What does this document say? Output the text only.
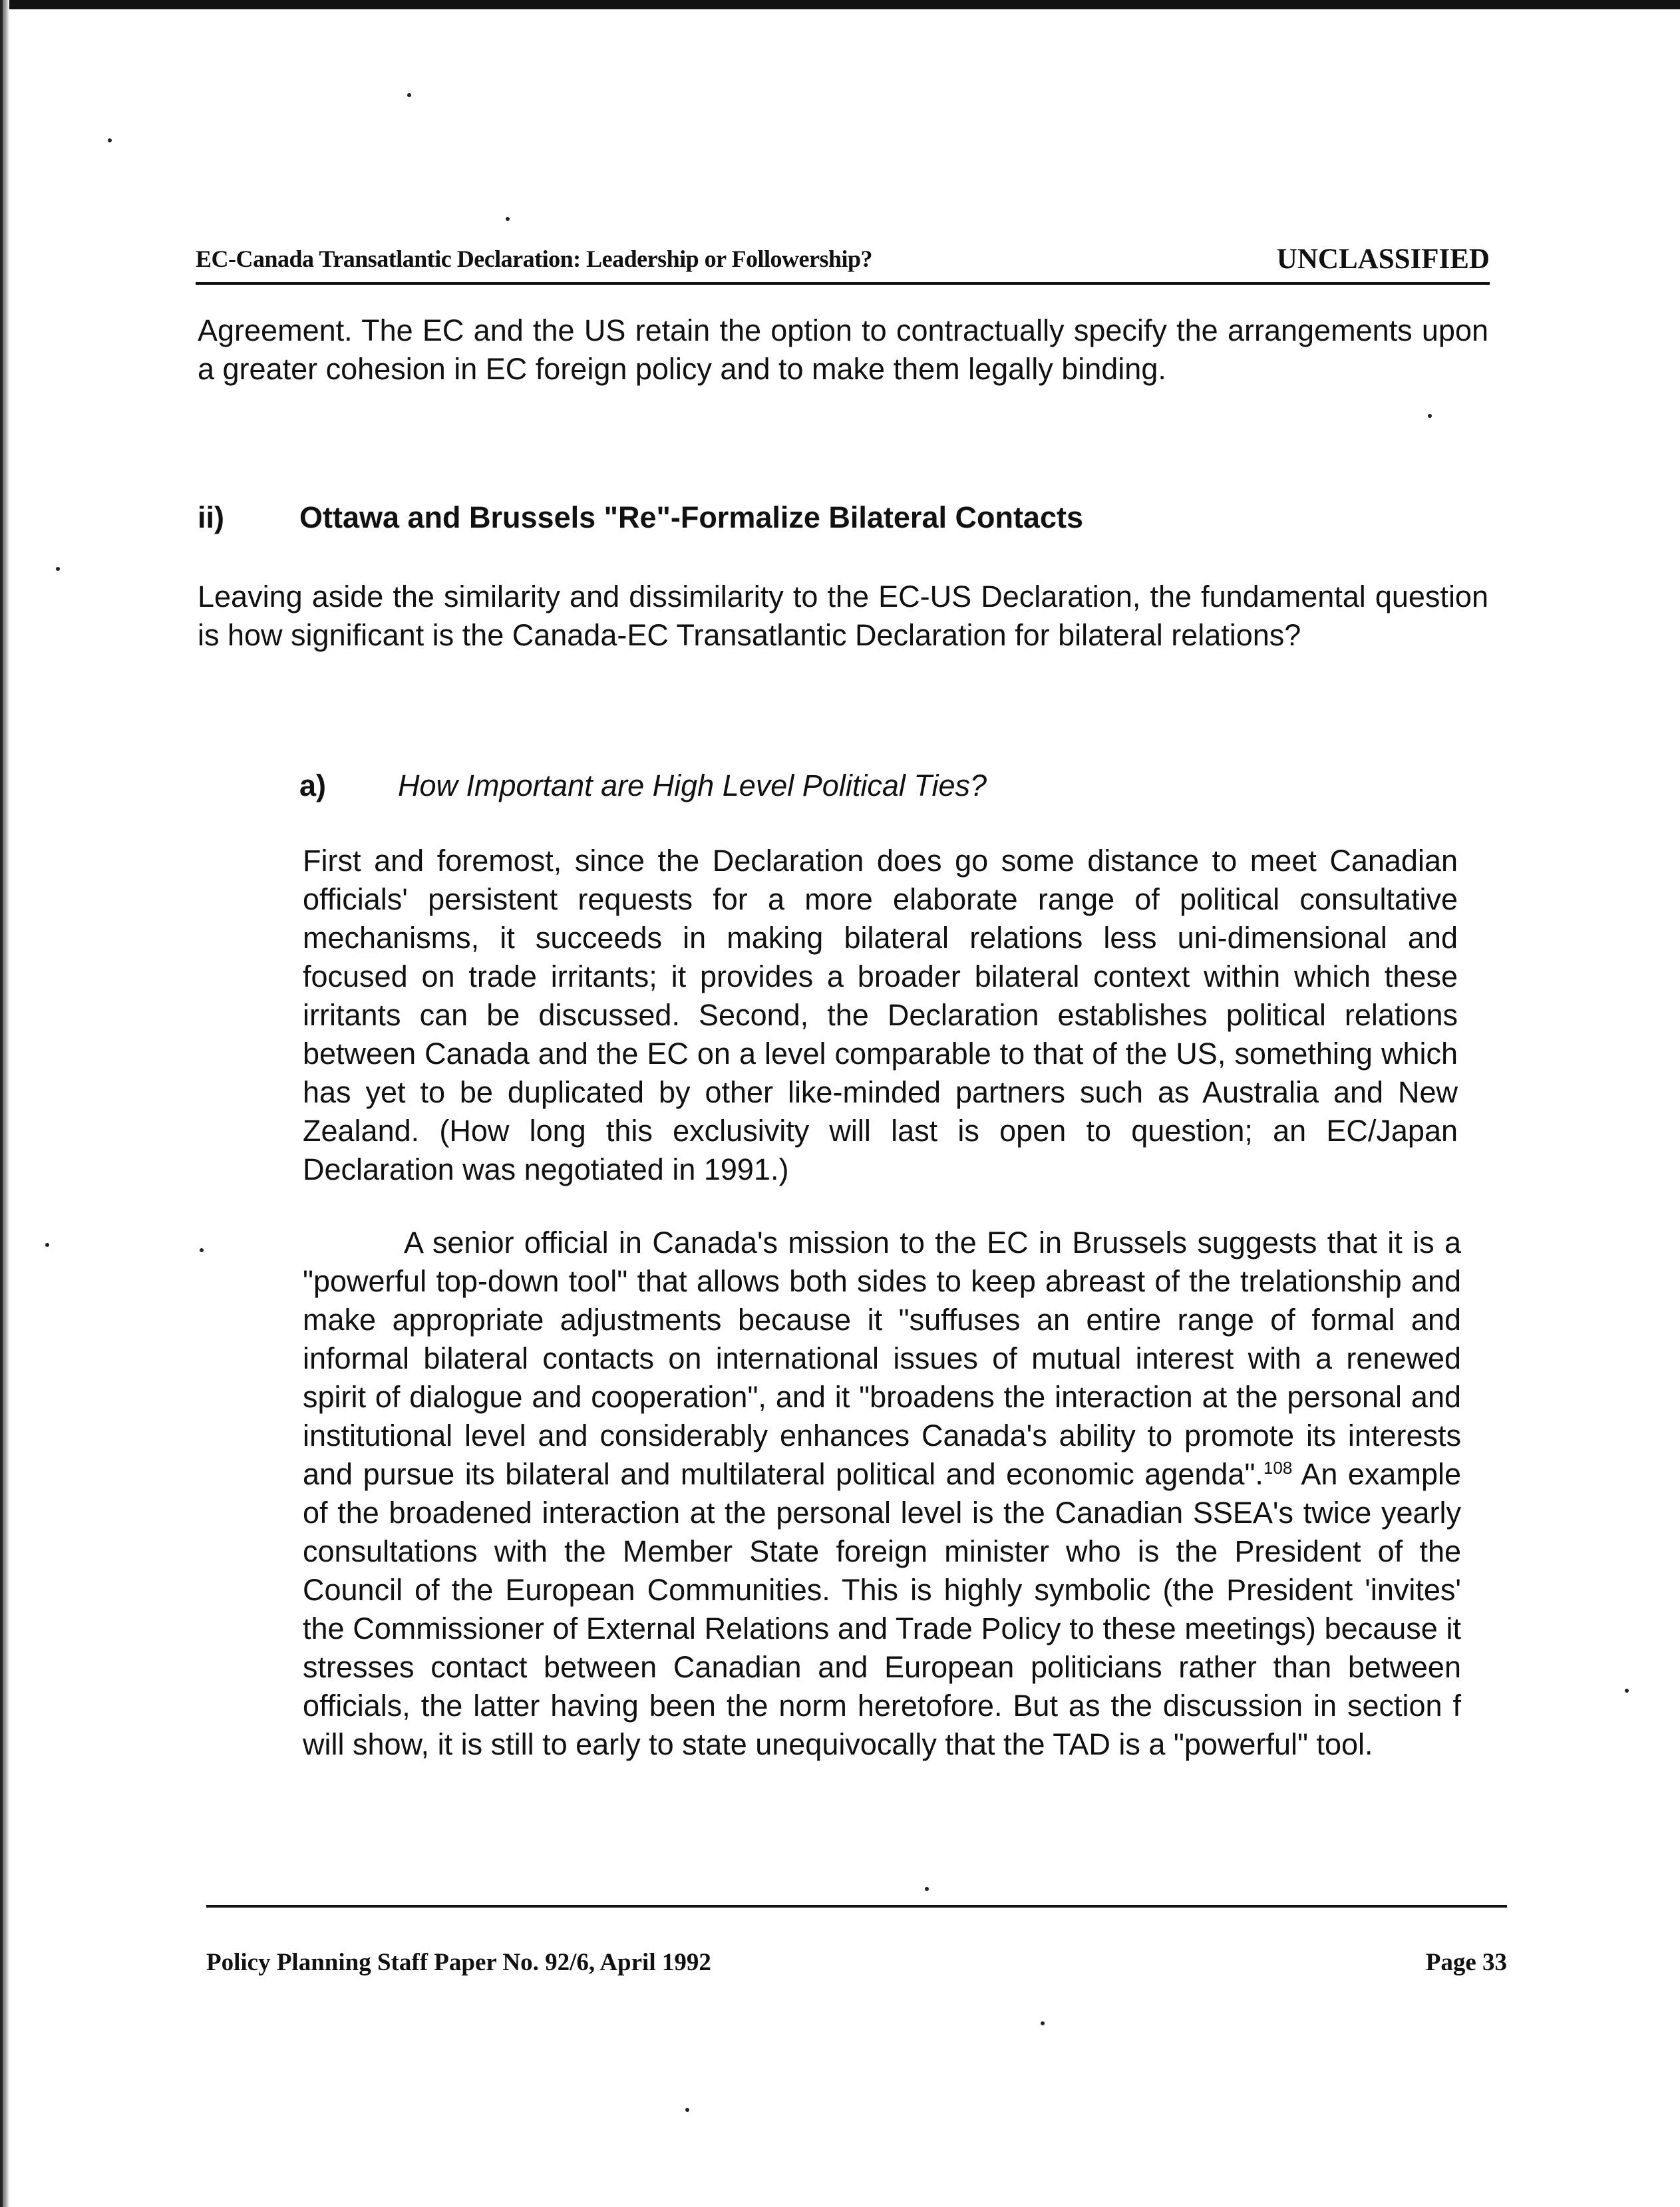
EC-Canada Transatlantic Declaration: Leadership or Followership?	UNCLASSIFIED

Agreement. The EC and the US retain the option to contractually specify the arrangements upon a greater cohesion in EC foreign policy and to make them legally binding.

ii)	Ottawa and Brussels "Re"-Formalize Bilateral Contacts

Leaving aside the similarity and dissimilarity to the EC-US Declaration, the fundamental question is how significant is the Canada-EC Transatlantic Declaration for bilateral relations?

a) How Important are High Level Political Ties?

First and foremost, since the Declaration does go some distance to meet Canadian officials' persistent requests for a more elaborate range of political consultative mechanisms, it succeeds in making bilateral relations less uni-dimensional and focused on trade irritants; it provides a broader bilateral context within which these irritants can be discussed. Second, the Declaration establishes political relations between Canada and the EC on a level comparable to that of the US, something which has yet to be duplicated by other like-minded partners such as Australia and New Zealand. (How long this exclusivity will last is open to question; an EC/Japan Declaration was negotiated in 1991.)

A senior official in Canada's mission to the EC in Brussels suggests that it is a "powerful top-down tool" that allows both sides to keep abreast of the trelationship and make appropriate adjustments because it "suffuses an entire range of formal and informal bilateral contacts on international issues of mutual interest with a renewed spirit of dialogue and cooperation", and it "broadens the interaction at the personal and institutional level and considerably enhances Canada's ability to promote its interests and pursue its bilateral and multilateral political and economic agenda".$^{108}$ An example of the broadened interaction at the personal level is the Canadian SSEA's twice yearly consultations with the Member State foreign minister who is the President of the Council of the European Communities. This is highly symbolic (the President 'invites' the Commissioner of External Relations and Trade Policy to these meetings) because it stresses contact between Canadian and European politicians rather than between officials, the latter having been the norm heretofore. But as the discussion in section f will show, it is still to early to state unequivocally that the TAD is a "powerful" tool.

Policy Planning Staff Paper No. 92/6, April 1992	Page 33
